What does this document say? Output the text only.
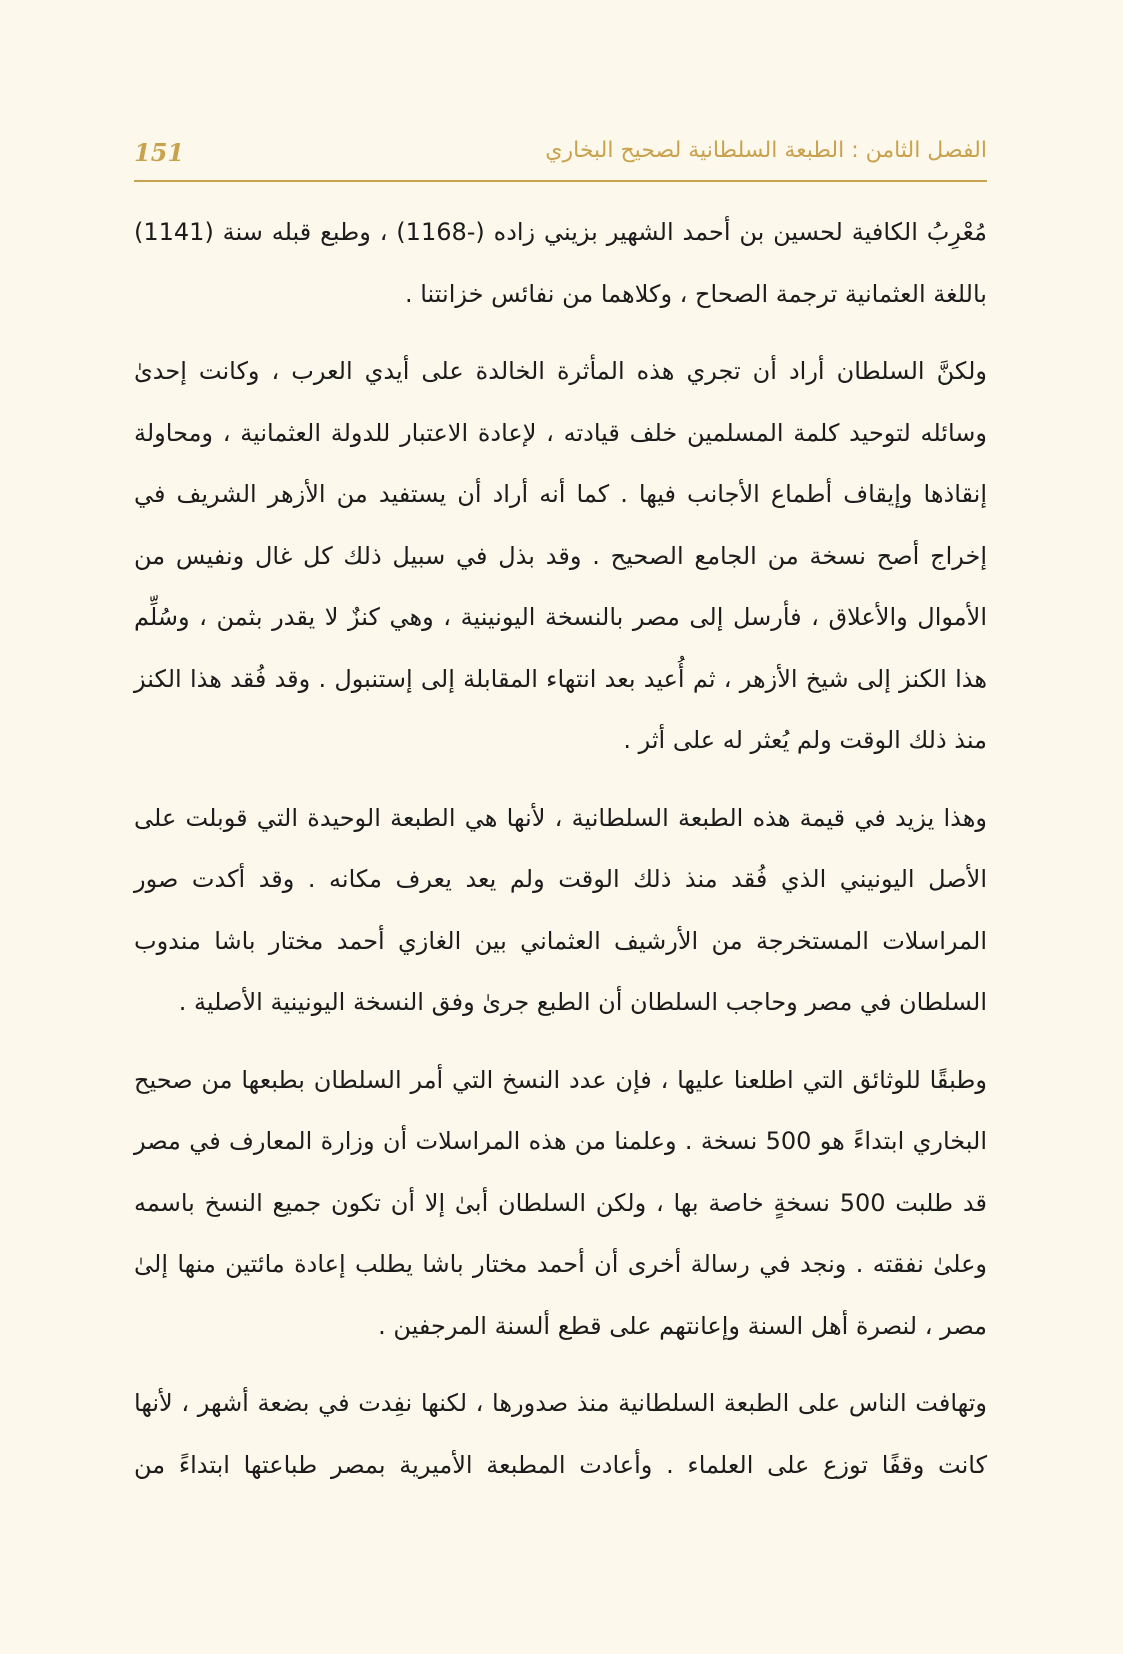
151	الفصل الثامن : الطبعة السلطانية لصحيح البخاري

مُعْرِبُ الكافية لحسين بن أحمد الشهير بزيني زاده (-1168) ، وطبع قبله سنة (1141) باللغة العثمانية ترجمة الصحاح ، وكلاهما من نفائس خزانتنا .

ولكنَّ السلطان أراد أن تجري هذه المأثرة الخالدة على أيدي العرب ، وكانت إحدىٰ وسائله لتوحيد كلمة المسلمين خلف قيادته ، لإعادة الاعتبار للدولة العثمانية ، ومحاولة إنقاذها وإيقاف أطماع الأجانب فيها . كما أنه أراد أن يستفيد من الأزهر الشريف في إخراج أصح نسخة من الجامع الصحيح . وقد بذل في سبيل ذلك كل غال ونفيس من الأموال والأعلاق ، فأرسل إلى مصر بالنسخة اليونينية ، وهي كنزٌ لا يقدر بثمن ، وسُلِّم هذا الكنز إلى شيخ الأزهر ، ثم أُعيد بعد انتهاء المقابلة إلى إستنبول . وقد فُقد هذا الكنز منذ ذلك الوقت ولم يُعثر له على أثر .

وهذا يزيد في قيمة هذه الطبعة السلطانية ، لأنها هي الطبعة الوحيدة التي قوبلت على الأصل اليونيني الذي فُقد منذ ذلك الوقت ولم يعد يعرف مكانه . وقد أكدت صور المراسلات المستخرجة من الأرشيف العثماني بين الغازي أحمد مختار باشا مندوب السلطان في مصر وحاجب السلطان أن الطبع جرىٰ وفق النسخة اليونينية الأصلية .

وطبقًا للوثائق التي اطلعنا عليها ، فإن عدد النسخ التي أمر السلطان بطبعها من صحيح البخاري ابتداءً هو 500 نسخة . وعلمنا من هذه المراسلات أن وزارة المعارف في مصر قد طلبت 500 نسخةٍ خاصة بها ، ولكن السلطان أبىٰ إلا أن تكون جميع النسخ باسمه وعلىٰ نفقته . ونجد في رسالة أخرى أن أحمد مختار باشا يطلب إعادة مائتين منها إلىٰ مصر ، لنصرة أهل السنة وإعانتهم على قطع ألسنة المرجفين .

وتهافت الناس على الطبعة السلطانية منذ صدورها ، لكنها نفِدت في بضعة أشهر ، لأنها كانت وقفًا توزع على العلماء . وأعادت المطبعة الأميرية بمصر طباعتها ابتداءً من
